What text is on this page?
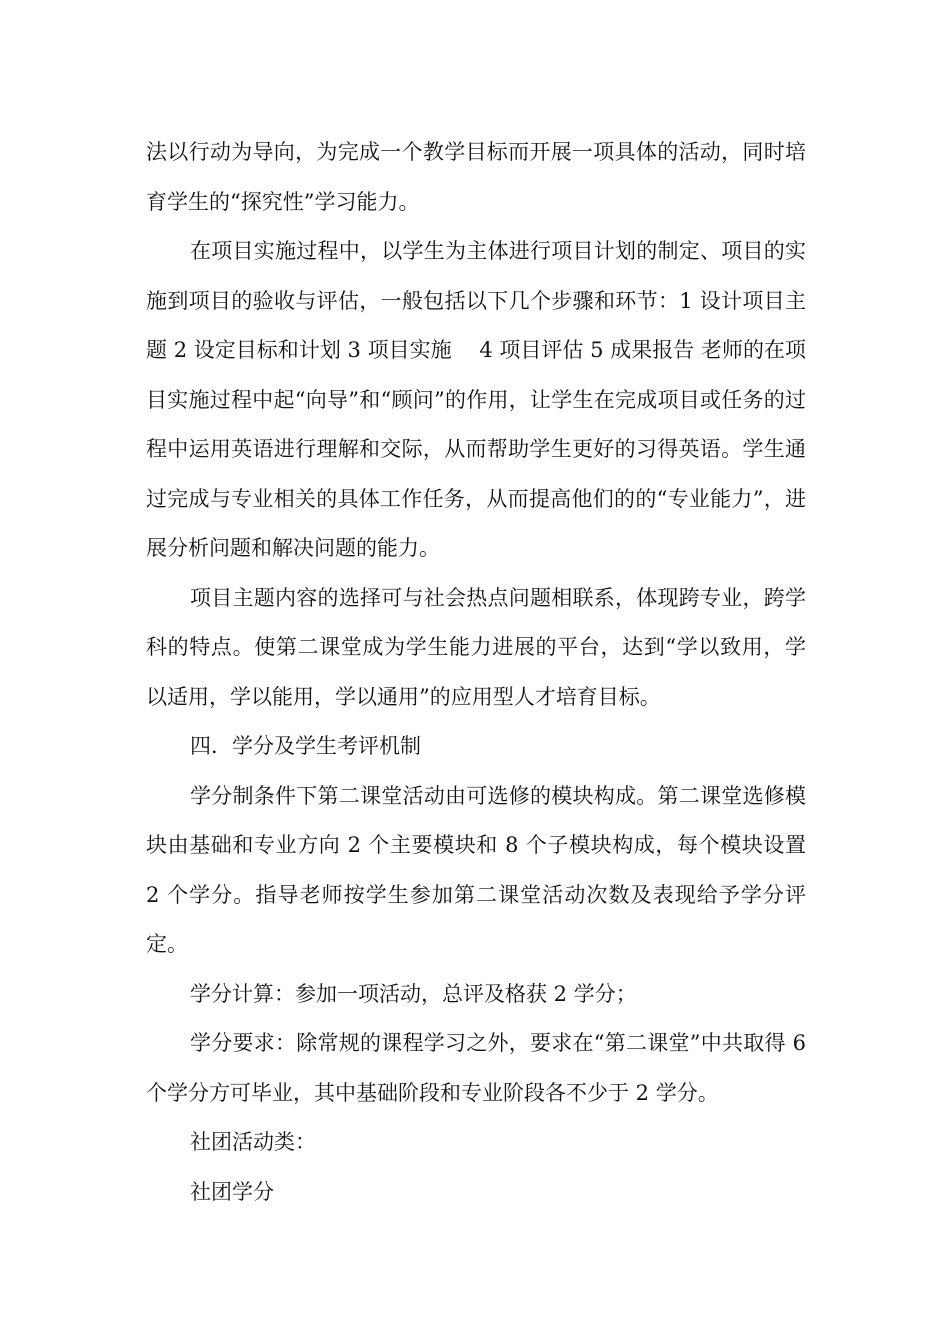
法以行动为导向，为完成一个教学目标而开展一项具体的活动，同时培育学生的“探究性”学习能力。

在项目实施过程中，以学生为主体进行项目计划的制定、项目的实施到项目的验收与评估，一般包括以下几个步骤和环节：1 设计项目主题 2 设定目标和计划 3 项目实施　 4 项目评估 5 成果报告 老师的在项目实施过程中起“向导”和“顾问”的作用，让学生在完成项目或任务的过程中运用英语进行理解和交际，从而帮助学生更好的习得英语。学生通过完成与专业相关的具体工作任务，从而提高他们的的“专业能力”，进展分析问题和解决问题的能力。

项目主题内容的选择可与社会热点问题相联系，体现跨专业，跨学科的特点。使第二课堂成为学生能力进展的平台，达到“学以致用，学以适用，学以能用，学以通用”的应用型人才培育目标。

四．学分及学生考评机制

学分制条件下第二课堂活动由可选修的模块构成。第二课堂选修模块由基础和专业方向 2 个主要模块和 8 个子模块构成，每个模块设置 2 个学分。指导老师按学生参加第二课堂活动次数及表现给予学分评定。

学分计算：参加一项活动，总评及格获 2 学分；

学分要求：除常规的课程学习之外，要求在“第二课堂”中共取得 6 个学分方可毕业，其中基础阶段和专业阶段各不少于 2 学分。

社团活动类：

社团学分
